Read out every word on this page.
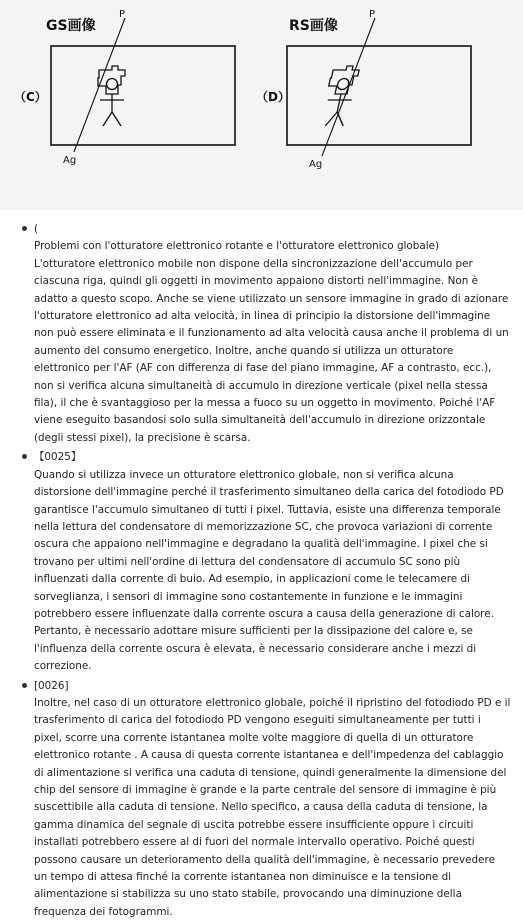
GS画像
（C）
P
Ag
RS画像
（D）
P
Ag
(
Problemi con l'otturatore elettronico rotante e l'otturatore elettronico globale)
L'otturatore elettronico mobile non dispone della sincronizzazione dell'accumulo per ciascuna riga, quindi gli oggetti in movimento appaiono distorti nell'immagine. Non è adatto a questo scopo. Anche se viene utilizzato un sensore immagine in grado di azionare l'otturatore elettronico ad alta velocità, in linea di principio la distorsione dell'immagine non può essere eliminata e il funzionamento ad alta velocità causa anche il problema di un aumento del consumo energetico. Inoltre, anche quando si utilizza un otturatore elettronico per l'AF (AF con differenza di fase del piano immagine, AF a contrasto, ecc.), non si verifica alcuna simultaneità di accumulo in direzione verticale (pixel nella stessa fila), il che è svantaggioso per la messa a fuoco su un oggetto in movimento. Poiché l'AF viene eseguito basandosi solo sulla simultaneità dell'accumulo in direzione orizzontale (degli stessi pixel), la precisione è scarsa.
【0025】
Quando si utilizza invece un otturatore elettronico globale, non si verifica alcuna distorsione dell'immagine perché il trasferimento simultaneo della carica del fotodiodo PD garantisce l'accumulo simultaneo di tutti i pixel. Tuttavia, esiste una differenza temporale nella lettura del condensatore di memorizzazione SC, che provoca variazioni di corrente oscura che appaiono nell'immagine e degradano la qualità dell'immagine. I pixel che si trovano per ultimi nell'ordine di lettura del condensatore di accumulo SC sono più influenzati dalla corrente di buio. Ad esempio, in applicazioni come le telecamere di sorveglianza, i sensori di immagine sono costantemente in funzione e le immagini potrebbero essere influenzate dalla corrente oscura a causa della generazione di calore. Pertanto, è necessario adottare misure sufficienti per la dissipazione del calore e, se l'influenza della corrente oscura è elevata, è necessario considerare anche i mezzi di correzione.
[0026]
Inoltre, nel caso di un otturatore elettronico globale, poiché il ripristino del fotodiodo PD e il trasferimento di carica del fotodiodo PD vengono eseguiti simultaneamente per tutti i pixel, scorre una corrente istantanea molte volte maggiore di quella di un otturatore elettronico rotante . A causa di questa corrente istantanea e dell'impedenza del cablaggio di alimentazione si verifica una caduta di tensione, quindi generalmente la dimensione del chip del sensore di immagine è grande e la parte centrale del sensore di immagine è più suscettibile alla caduta di tensione. Nello specifico, a causa della caduta di tensione, la gamma dinamica del segnale di uscita potrebbe essere insufficiente oppure i circuiti installati potrebbero essere al di fuori del normale intervallo operativo. Poiché questi possono causare un deterioramento della qualità dell'immagine, è necessario prevedere un tempo di attesa finché la corrente istantanea non diminuisce e la tensione di alimentazione si stabilizza su uno stato stabile, provocando una diminuzione della frequenza dei fotogrammi.
